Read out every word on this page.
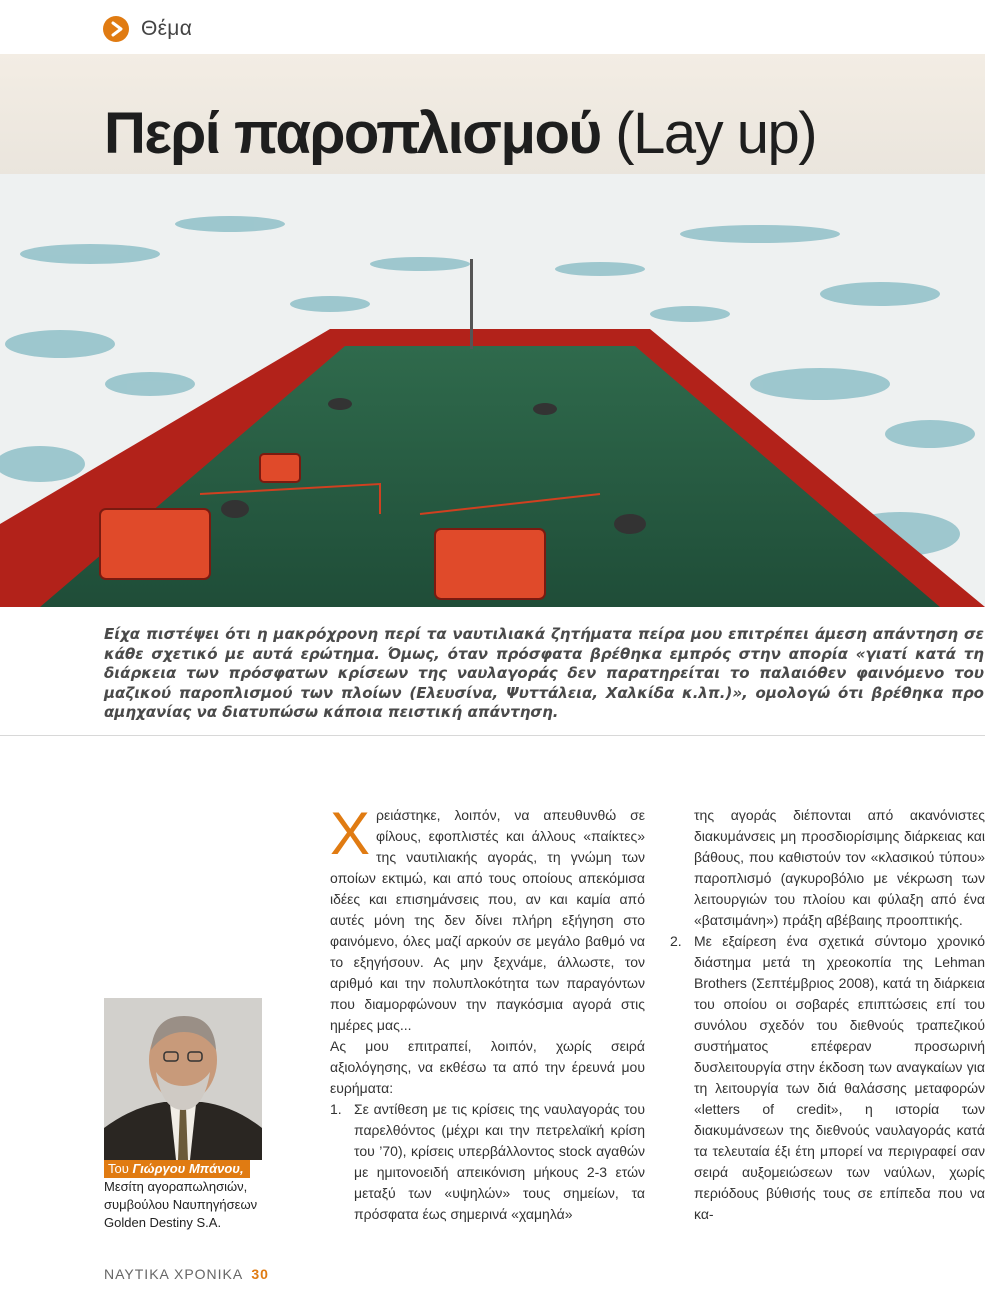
Θέμα
Περί παροπλισμού (Lay up)

Είχα πιστέψει ότι η μακρόχρονη περί τα ναυτιλιακά ζητήματα πείρα μου επιτρέπει άμεση απάντηση σε κάθε σχετικό με αυτά ερώτημα. Όμως, όταν πρόσφατα βρέθηκα εμπρός στην απορία «γιατί κατά τη διάρκεια των πρόσφατων κρίσεων της ναυλαγοράς δεν παρατηρείται το παλαιόθεν φαινόμενο του μαζικού παροπλισμού των πλοίων (Ελευσίνα, Ψυττάλεια, Χαλκίδα κ.λπ.)», ομολογώ ότι βρέθηκα προ αμηχανίας να διατυπώσω κάποια πειστική απάντηση.

Του Γιώργου Μπάνου,
Μεσίτη αγοραπωλησιών,
συμβούλου Ναυπηγήσεων
Golden Destiny S.A.

Χρειάστηκε, λοιπόν, να απευθυνθώ σε φίλους, εφοπλιστές και άλλους «παίκτες» της ναυτιλιακής αγοράς, τη γνώμη των οποίων εκτιμώ, και από τους οποίους απεκόμισα ιδέες και επισημάνσεις που, αν και καμία από αυτές μόνη της δεν δίνει πλήρη εξήγηση στο φαινόμενο, όλες μαζί αρκούν σε μεγάλο βαθμό να το εξηγήσουν. Ας μην ξεχνάμε, άλλωστε, τον αριθμό και την πολυπλοκότητα των παραγόντων που διαμορφώνουν την παγκόσμια αγορά στις ημέρες μας...

Ας μου επιτραπεί, λοιπόν, χωρίς σειρά αξιολόγησης, να εκθέσω τα από την έρευνά μου ευρήματα:

1. Σε αντίθεση με τις κρίσεις της ναυλαγοράς του παρελθόντος (μέχρι και την πετρελαϊκή κρίση του ’70), κρίσεις υπερβάλλοντος stock αγαθών με ημιτονοειδή απεικόνιση μήκους 2-3 ετών μεταξύ των «υψηλών» τους σημείων, τα πρόσφατα έως σημερινά «χαμηλά»

της αγοράς διέπονται από ακανόνιστες διακυμάνσεις μη προσδιορίσιμης διάρκειας και βάθους, που καθιστούν τον «κλασικού τύπου» παροπλισμό (αγκυροβόλιο με νέκρωση των λειτουργιών του πλοίου και φύλαξη από ένα «βατσιμάνη») πράξη αβέβαιης προοπτικής.

2. Με εξαίρεση ένα σχετικά σύντομο χρονικό διάστημα μετά τη χρεοκοπία της Lehman Brothers (Σεπτέμβριος 2008), κατά τη διάρκεια του οποίου οι σοβαρές επιπτώσεις επί του συνόλου σχεδόν του διεθνούς τραπεζικού συστήματος επέφεραν προσωρινή δυσλειτουργία στην έκδοση των αναγκαίων για τη λειτουργία των διά θαλάσσης μεταφορών «letters of credit», η ιστορία των διακυμάνσεων της διεθνούς ναυλαγοράς κατά τα τελευταία έξι έτη μπορεί να περιγραφεί σαν σειρά αυξομειώσεων των ναύλων, χωρίς περιόδους βύθισής τους σε επίπεδα που να κα-
ΝΑΥΤΙΚΑ ΧΡΟΝΙΚΑ 30
